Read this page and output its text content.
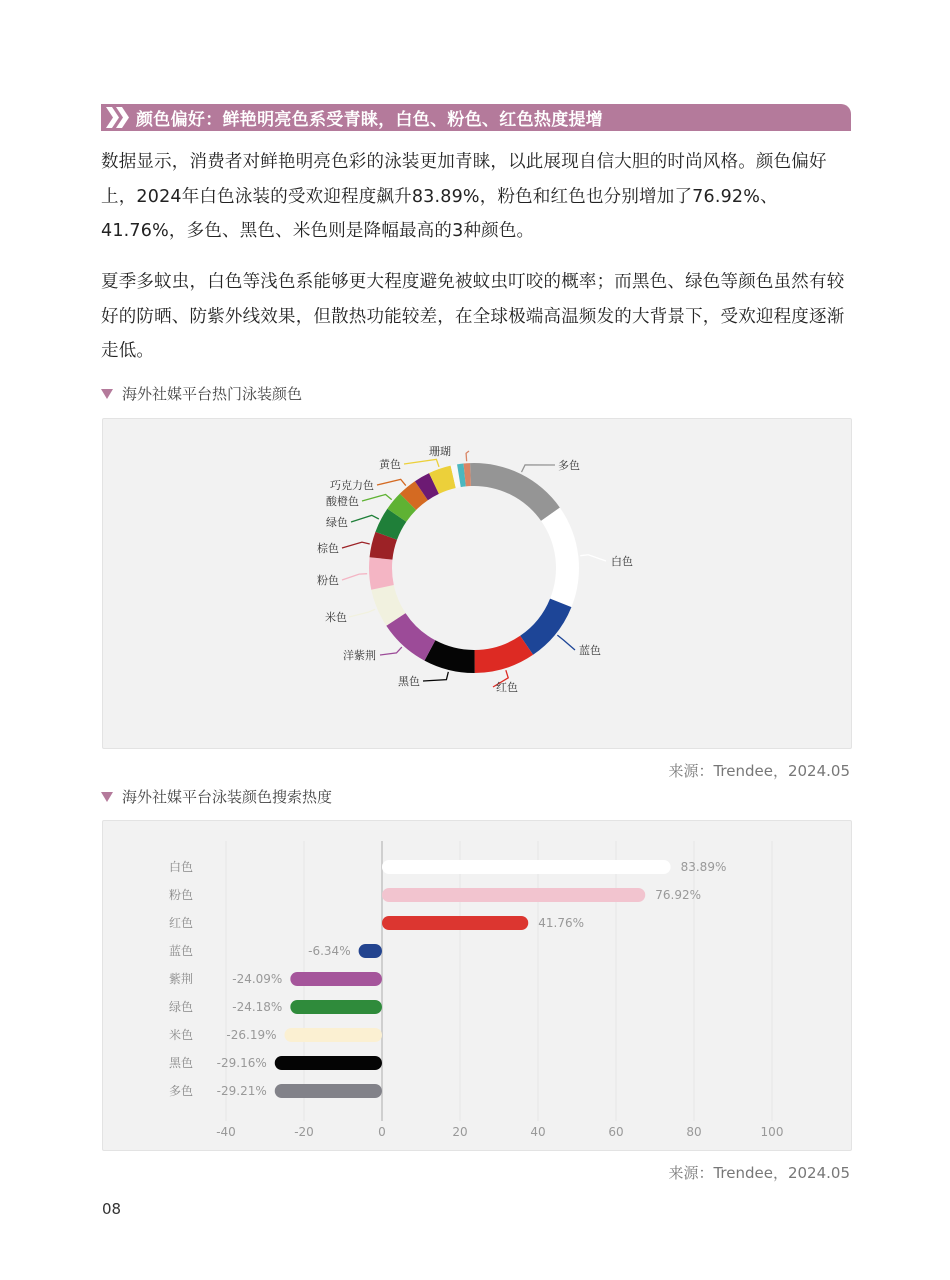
颜色偏好：鲜艳明亮色系受青睐，白色、粉色、红色热度提增

数据显示，消费者对鲜艳明亮色彩的泳装更加青睐，以此展现自信大胆的时尚风格。颜色偏好上，2024年白色泳装的受欢迎程度飙升83.89%，粉色和红色也分别增加了76.92%、41.76%，多色、黑色、米色则是降幅最高的3种颜色。

夏季多蚊虫，白色等浅色系能够更大程度避免被蚊虫叮咬的概率；而黑色、绿色等颜色虽然有较好的防晒、防紫外线效果，但散热功能较差，在全球极端高温频发的大背景下，受欢迎程度逐渐走低。

海外社媒平台热门泳装颜色
多色
白色
蓝色
红色
黑色
洋紫荆
米色
粉色
棕色
绿色
酸橙色
巧克力色
黄色
珊瑚
来源：Trendee，2024.05
海外社媒平台泳装颜色搜索热度
-40	-20	0	20	40	60	80	100
白色	83.89%
粉色	76.92%
红色	41.76%
蓝色	-6.34%
紫荆	-24.09%
绿色	-24.18%
米色	-26.19%
黑色 -29.16%
多色 -29.21%
来源：Trendee，2024.05
08
